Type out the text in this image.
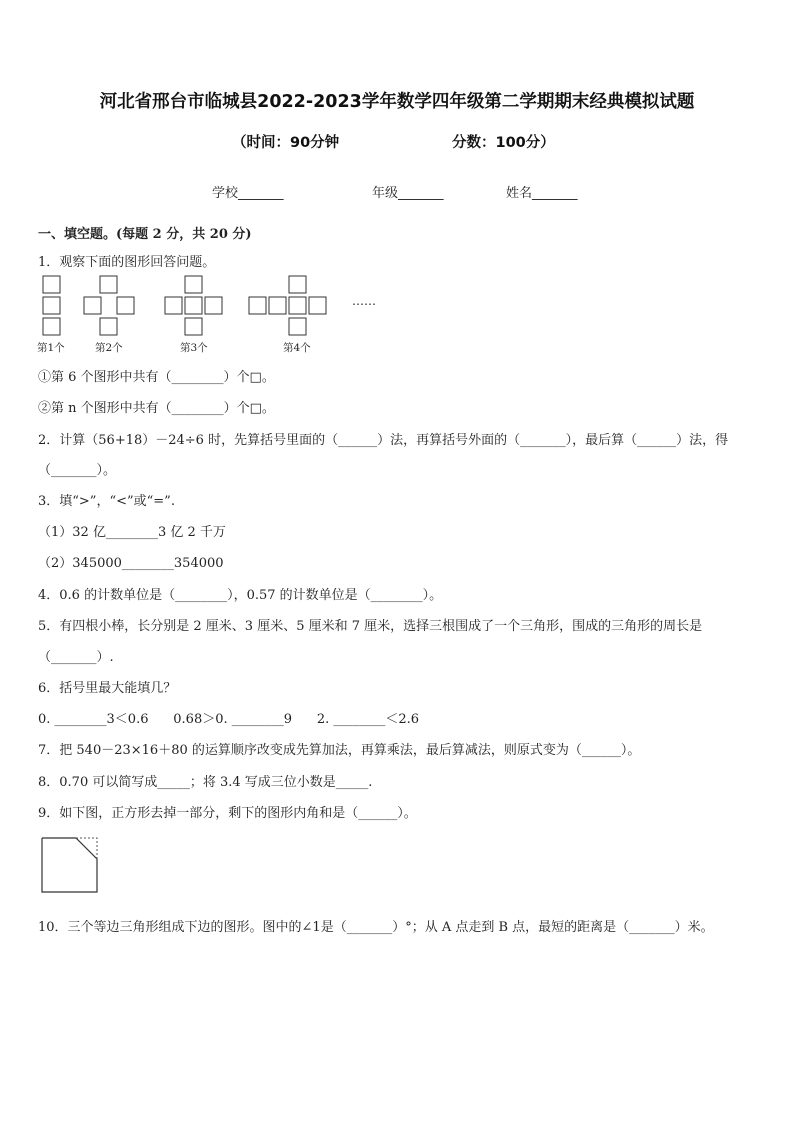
河北省邢台市临城县2022-2023学年数学四年级第二学期期末经典模拟试题
（时间：90分钟	分数：100分）
学校_______	年级_______	姓名_______
一、填空题。(每题 2 分，共 20 分)
1．观察下面的图形回答问题。
……
第1个	第2个	第3个	第4个
①第 6 个图形中共有（________）个□。
②第 n 个图形中共有（________）个□。
2．计算（56+18）－24÷6 时，先算括号里面的（______）法，再算括号外面的（_______），最后算（______）法，得
（_______）。
3．填“>”，“<”或“=”.
（1）32 亿________3 亿 2 千万
（2）345000________354000
4．0.6 的计数单位是（________），0.57 的计数单位是（________）。
5．有四根小棒，长分别是 2 厘米、3 厘米、5 厘米和 7 厘米，选择三根围成了一个三角形，围成的三角形的周长是
（_______）.
6．括号里最大能填几？
0. ________3＜0.6      0.68＞0. ________9      2. ________＜2.6
7．把 540－23×16＋80 的运算顺序改变成先算加法，再算乘法，最后算减法，则原式变为（______）。
8．0.70 可以简写成_____；将 3.4 写成三位小数是_____.
9．如下图，正方形去掉一部分，剩下的图形内角和是（______）。
10．三个等边三角形组成下边的图形。图中的∠1是（_______）°；从 A 点走到 B 点，最短的距离是（_______）米。
